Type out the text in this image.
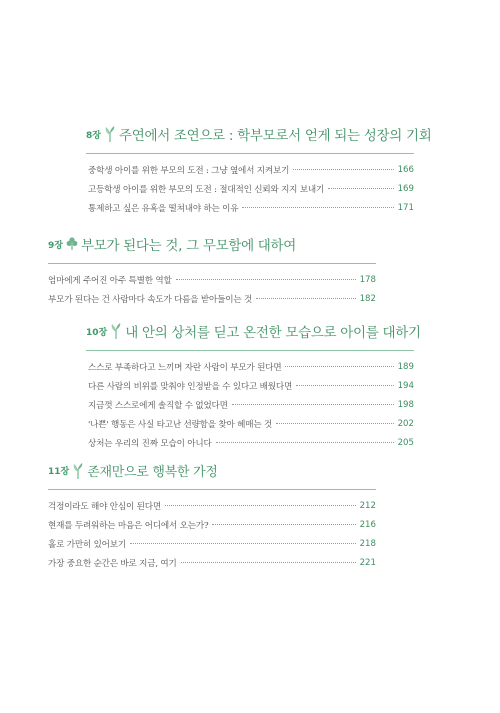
8장 주연에서 조연으로 : 학부모로서 얻게 되는 성장의 기회
중학생 아이를 위한 부모의 도전 : 그냥 옆에서 지켜보기	166
고등학생 아이를 위한 부모의 도전 : 절대적인 신뢰와 지지 보내기	169
통제하고 싶은 유혹을 떨쳐내야 하는 이유	171
9장 부모가 된다는 것, 그 무모함에 대하여
엄마에게 주어진 아주 특별한 역할	178
부모가 된다는 건 사람마다 속도가 다름을 받아들이는 것	182
10장 내 안의 상처를 딛고 온전한 모습으로 아이를 대하기
스스로 부족하다고 느끼며 자란 사람이 부모가 된다면	189
다른 사람의 비위를 맞춰야 인정받을 수 있다고 배웠다면	194
지금껏 스스로에게 솔직할 수 없었다면	198
'나쁜' 행동은 사실 타고난 선량함을 찾아 헤매는 것	202
상처는 우리의 진짜 모습이 아니다	205
11장 존재만으로 행복한 가정
걱정이라도 해야 안심이 된다면	212
현재를 두려워하는 마음은 어디에서 오는가?	216
홀로 가만히 있어보기	218
가장 중요한 순간은 바로 지금, 여기	221
